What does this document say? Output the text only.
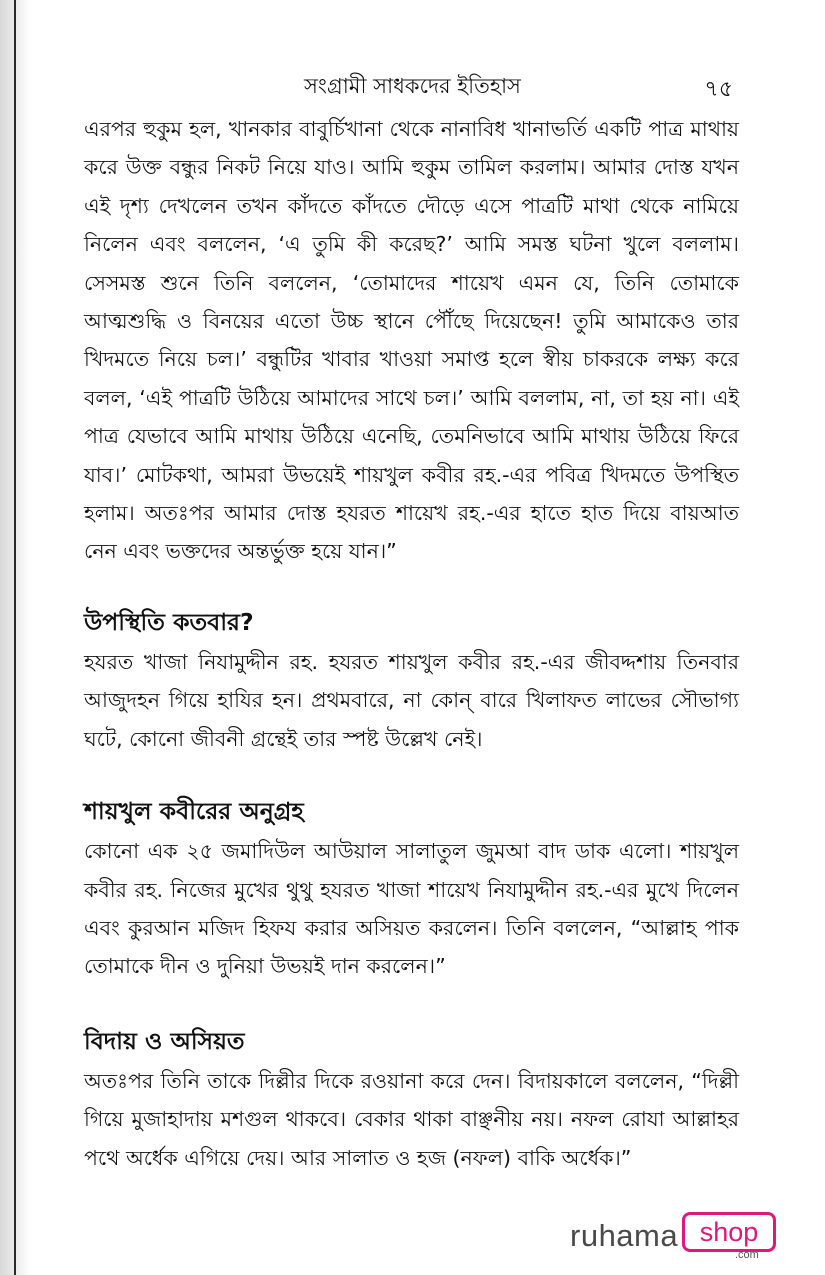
সংগ্রামী সাধকদের ইতিহাস	৭৫

এরপর হুকুম হল, খানকার বাবুর্চিখানা থেকে নানাবিধ খানাভর্তি একটি পাত্র মাথায় করে উক্ত বন্ধুর নিকট নিয়ে যাও। আমি হুকুম তামিল করলাম। আমার দোস্ত যখন এই দৃশ্য দেখলেন তখন কাঁদতে কাঁদতে দৌড়ে এসে পাত্রটি মাথা থেকে নামিয়ে নিলেন এবং বললেন, ‘এ তুমি কী করেছ?’ আমি সমস্ত ঘটনা খুলে বললাম। সেসমস্ত শুনে তিনি বললেন, ‘তোমাদের শায়েখ এমন যে, তিনি তোমাকে আত্মশুদ্ধি ও বিনয়ের এতো উচ্চ স্থানে পৌঁছে দিয়েছেন! তুমি আমাকেও তার খিদমতে নিয়ে চল।’ বন্ধুটির খাবার খাওয়া সমাপ্ত হলে স্বীয় চাকরকে লক্ষ্য করে বলল, ‘এই পাত্রটি উঠিয়ে আমাদের সাথে চল।’ আমি বললাম, না, তা হয় না। এই পাত্র যেভাবে আমি মাথায় উঠিয়ে এনেছি, তেমনিভাবে আমি মাথায় উঠিয়ে ফিরে যাব।’ মোটকথা, আমরা উভয়েই শায়খুল কবীর রহ.-এর পবিত্র খিদমতে উপস্থিত হলাম। অতঃপর আমার দোস্ত হযরত শায়েখ রহ.-এর হাতে হাত দিয়ে বায়আত নেন এবং ভক্তদের অন্তর্ভুক্ত হয়ে যান।”

উপস্থিতি কতবার?

হযরত খাজা নিযামুদ্দীন রহ. হযরত শায়খুল কবীর রহ.-এর জীবদ্দশায় তিনবার আজুদহন গিয়ে হাযির হন। প্রথমবারে, না কোন্ বারে খিলাফত লাভের সৌভাগ্য ঘটে, কোনো জীবনী গ্রন্থেই তার স্পষ্ট উল্লেখ নেই।

শায়খুল কবীরের অনুগ্রহ

কোনো এক ২৫ জমাদিউল আউয়াল সালাতুল জুমআ বাদ ডাক এলো। শায়খুল কবীর রহ. নিজের মুখের থুথু হযরত খাজা শায়েখ নিযামুদ্দীন রহ.-এর মুখে দিলেন এবং কুরআন মজিদ হিফয করার অসিয়ত করলেন। তিনি বললেন, “আল্লাহ পাক তোমাকে দীন ও দুনিয়া উভয়ই দান করলেন।”

বিদায় ও অসিয়ত

অতঃপর তিনি তাকে দিল্লীর দিকে রওয়ানা করে দেন। বিদায়কালে বললেন, “দিল্লী গিয়ে মুজাহাদায় মশগুল থাকবে। বেকার থাকা বাঞ্ছনীয় নয়। নফল রোযা আল্লাহর পথে অর্ধেক এগিয়ে দেয়। আর সালাত ও হজ (নফল) বাকি অর্ধেক।”

ruhama shop
.com
